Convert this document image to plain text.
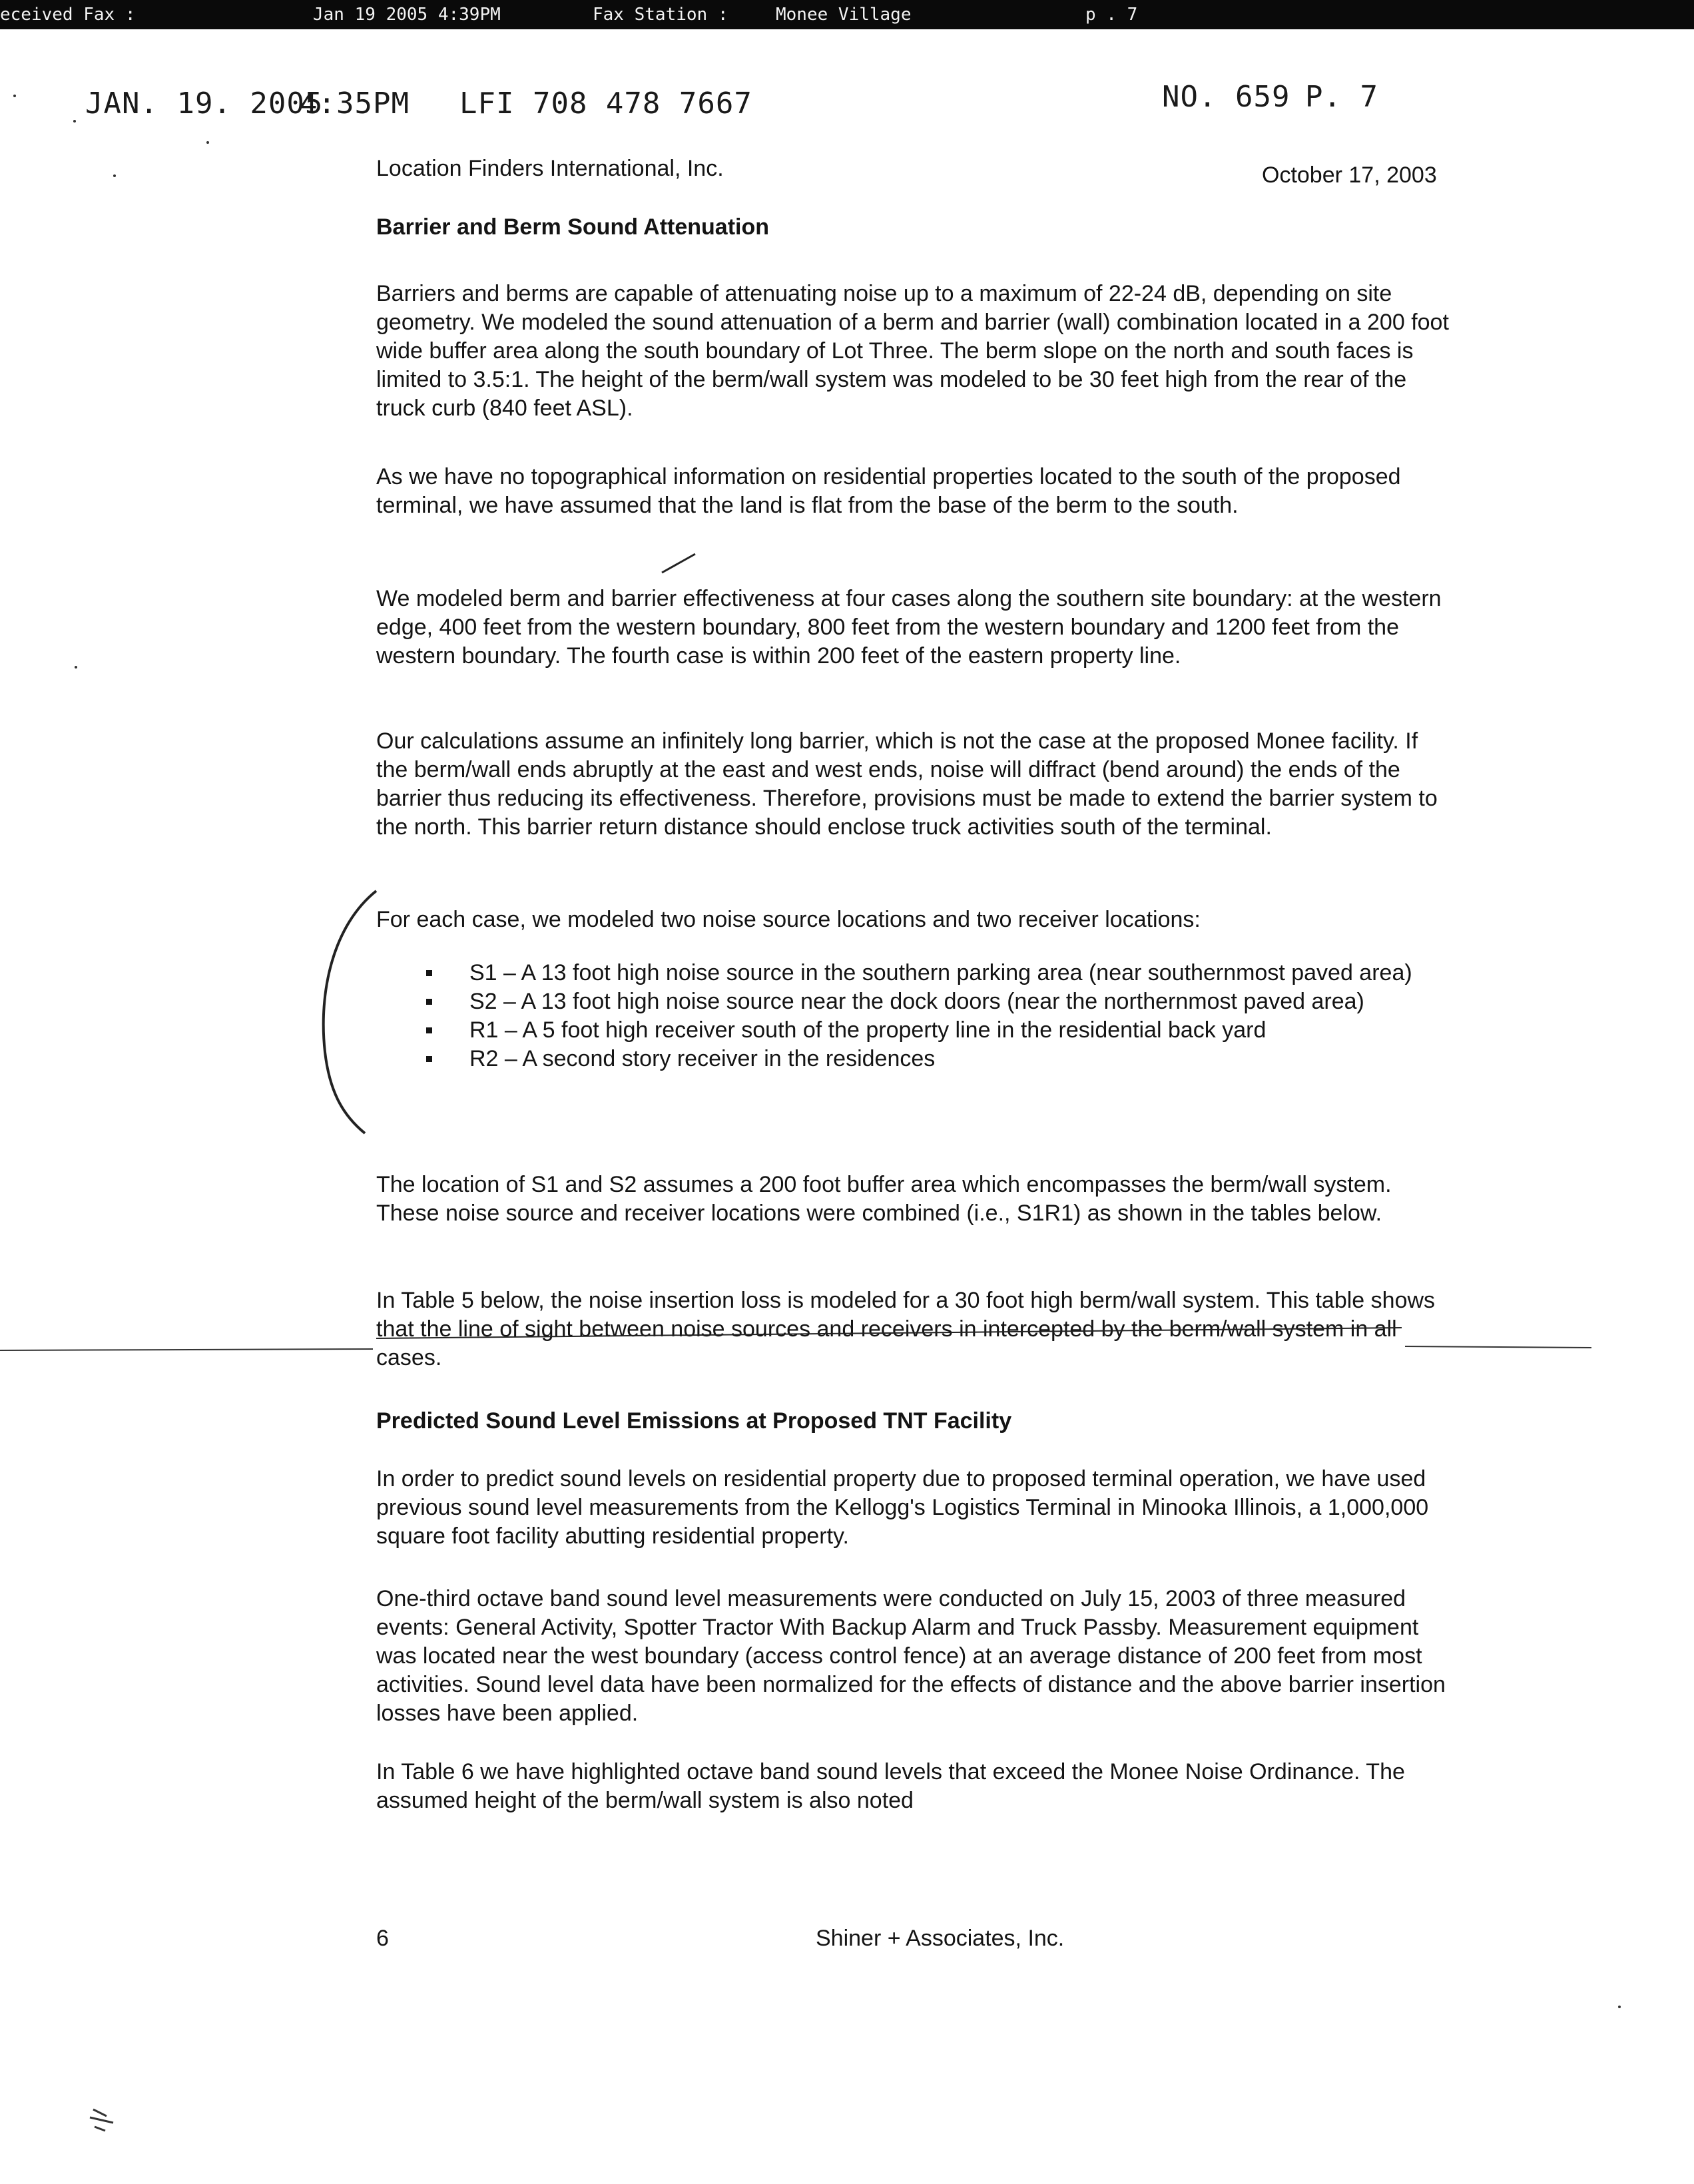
eceived Fax :	Jan 19 2005 4:39PM	Fax Station :	Monee Village	p . 7
JAN. 19. 2005
4:35PM LFI 708 478 7667	NO. 659 P. 7
Location Finders International, Inc.	October 17, 2003
Barrier and Berm Sound Attenuation

Barriers and berms are capable of attenuating noise up to a maximum of 22-24 dB, depending on site geometry. We modeled the sound attenuation of a berm and barrier (wall) combination located in a 200 foot wide buffer area along the south boundary of Lot Three. The berm slope on the north and south faces is limited to 3.5:1. The height of the berm/wall system was modeled to be 30 feet high from the rear of the truck curb (840 feet ASL).

As we have no topographical information on residential properties located to the south of the proposed terminal, we have assumed that the land is flat from the base of the berm to the south.

We modeled berm and barrier effectiveness at four cases along the southern site boundary: at the western edge, 400 feet from the western boundary, 800 feet from the western boundary and 1200 feet from the western boundary. The fourth case is within 200 feet of the eastern property line.

Our calculations assume an infinitely long barrier, which is not the case at the proposed Monee facility. If the berm/wall ends abruptly at the east and west ends, noise will diffract (bend around) the ends of the barrier thus reducing its effectiveness. Therefore, provisions must be made to extend the barrier system to the north. This barrier return distance should enclose truck activities south of the terminal.

For each case, we modeled two noise source locations and two receiver locations:

S1 – A 13 foot high noise source in the southern parking area (near southernmost paved area)
S2 – A 13 foot high noise source near the dock doors (near the northernmost paved area)
R1 – A 5 foot high receiver south of the property line in the residential back yard
R2 – A second story receiver in the residences

The location of S1 and S2 assumes a 200 foot buffer area which encompasses the berm/wall system. These noise source and receiver locations were combined (i.e., S1R1) as shown in the tables below.

In Table 5 below, the noise insertion loss is modeled for a 30 foot high berm/wall system. This table shows that the line of sight between noise sources and receivers in intercepted by the berm/wall system in all cases.

Predicted Sound Level Emissions at Proposed TNT Facility

In order to predict sound levels on residential property due to proposed terminal operation, we have used previous sound level measurements from the Kellogg's Logistics Terminal in Minooka Illinois, a 1,000,000 square foot facility abutting residential property.

One-third octave band sound level measurements were conducted on July 15, 2003 of three measured events: General Activity, Spotter Tractor With Backup Alarm and Truck Passby. Measurement equipment was located near the west boundary (access control fence) at an average distance of 200 feet from most activities. Sound level data have been normalized for the effects of distance and the above barrier insertion losses have been applied.

In Table 6 we have highlighted octave band sound levels that exceed the Monee Noise Ordinance. The assumed height of the berm/wall system is also noted

6	Shiner + Associates, Inc.
